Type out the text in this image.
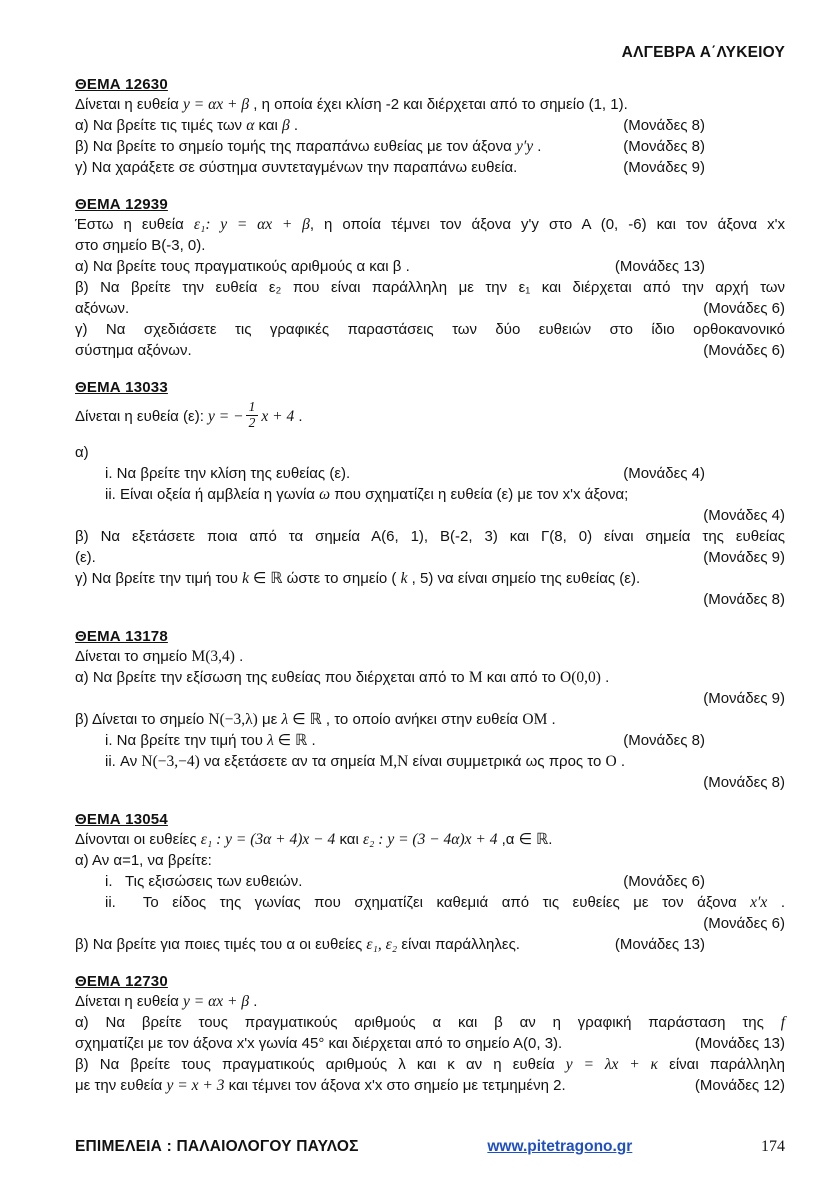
ΑΛΓΕΒΡΑ Α΄ΛΥΚΕΙΟΥ
ΘΕΜΑ 12630
Δίνεται η ευθεία y = αx + β , η οποία έχει κλίση -2 και διέρχεται από το σημείο (1, 1).
α) Να βρείτε τις τιμές των α και β .	(Μονάδες 8)
β) Να βρείτε το σημείο τομής της παραπάνω ευθείας με τον άξονα y′y .	(Μονάδες 8)
γ) Να χαράξετε σε σύστημα συντεταγμένων την παραπάνω ευθεία.	(Μονάδες 9)
ΘΕΜΑ 12939
Έστω η ευθεία ε₁: y = αx + β, η οποία τέμνει τον άξονα y'y στο Α (0, -6) και τον άξονα x'x
στο σημείο Β(-3, 0).
α) Να βρείτε τους πραγματικούς αριθμούς α και β .	(Μονάδες 13)
β) Να βρείτε την ευθεία ε₂ που είναι παράλληλη με την ε₁ και διέρχεται από την αρχή των
αξόνων.	(Μονάδες 6)
γ) Να σχεδιάσετε τις γραφικές παραστάσεις των δύο ευθειών στο ίδιο ορθοκανονικό
σύστημα αξόνων.	(Μονάδες 6)
ΘΕΜΑ 13033
Δίνεται η ευθεία (ε): y = − $\frac{1}{2}$ x + 4 .
α)
i. Να βρείτε την κλίση της ευθείας (ε).	(Μονάδες 4)
ii. Είναι οξεία ή αμβλεία η γωνία ω που σχηματίζει η ευθεία (ε) με τον x'x άξονα;
(Μονάδες 4)
β) Να εξετάσετε ποια από τα σημεία Α(6, 1), Β(-2, 3) και Γ(8, 0) είναι σημεία της ευθείας
(ε).	(Μονάδες 9)
γ) Να βρείτε την τιμή του k ∈ ℝ ώστε το σημείο ( k , 5) να είναι σημείο της ευθείας (ε).
(Μονάδες 8)
ΘΕΜΑ 13178
Δίνεται το σημείο M(3,4) .
α) Να βρείτε την εξίσωση της ευθείας που διέρχεται από το M και από το O(0,0) .
(Μονάδες 9)
β) Δίνεται το σημείο N(−3,λ) με λ ∈ ℝ , το οποίο ανήκει στην ευθεία OM .
i. Να βρείτε την τιμή του λ ∈ ℝ .	(Μονάδες 8)
ii. Αν N(−3,−4) να εξετάσετε αν τα σημεία M,N είναι συμμετρικά ως προς το O .
(Μονάδες 8)
ΘΕΜΑ 13054
Δίνονται οι ευθείες ε₁ : y = (3α + 4)x − 4 και ε₂ : y = (3 − 4α)x + 4 ,α ∈ ℝ.
α) Αν α=1, να βρείτε:
i.   Τις εξισώσεις των ευθειών.	(Μονάδες 6)
ii.  Το είδος της γωνίας που σχηματίζει καθεμιά από τις ευθείες με τον άξονα x′x .
(Μονάδες 6)
β) Να βρείτε για ποιες τιμές του α οι ευθείες ε₁, ε₂ είναι παράλληλες.	(Μονάδες 13)
ΘΕΜΑ 12730
Δίνεται η ευθεία y = αx + β .
α) Να βρείτε τους πραγματικούς αριθμούς α και β αν η γραφική παράσταση της f
σχηματίζει με τον άξονα x'x γωνία 45° και διέρχεται από το σημείο Α(0, 3).	(Μονάδες 13)
β) Να βρείτε τους πραγματικούς αριθμούς λ και κ αν η ευθεία y = λx + κ είναι παράλληλη
με την ευθεία y = x + 3 και τέμνει τον άξονα x'x στο σημείο με τετμημένη 2.	(Μονάδες 12)
ΕΠΙΜΕΛΕΙΑ : ΠΑΛΑΙΟΛΟΓΟΥ ΠΑΥΛΟΣ	www.pitetragono.gr	174
